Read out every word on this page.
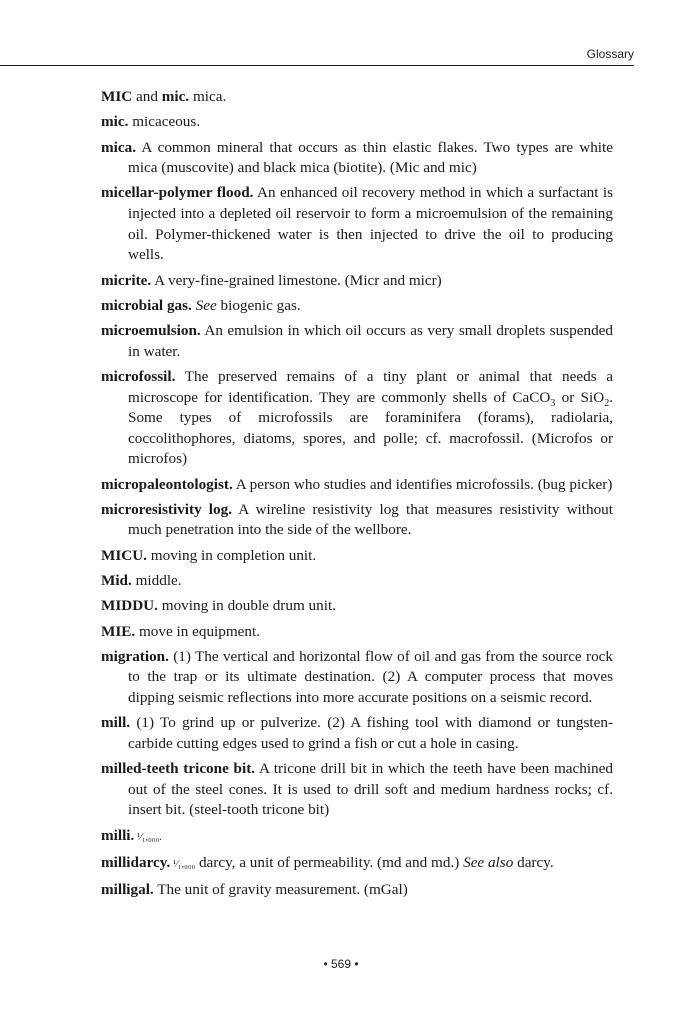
Glossary

MIC and mic. mica.

mic. micaceous.

mica. A common mineral that occurs as thin elastic flakes. Two types are white mica (muscovite) and black mica (biotite). (Mic and mic)

micellar-polymer flood. An enhanced oil recovery method in which a surfactant is injected into a depleted oil reservoir to form a microemulsion of the remaining oil. Polymer-thickened water is then injected to drive the oil to producing wells.

micrite. A very-fine-grained limestone. (Micr and micr)

microbial gas. See biogenic gas.

microemulsion. An emulsion in which oil occurs as very small droplets suspended in water.

microfossil. The preserved remains of a tiny plant or animal that needs a microscope for identification. They are commonly shells of CaCO$_3$ or SiO$_2$. Some types of microfossils are foraminifera (forams), radiolaria, coccolithophores, diatoms, spores, and polle; cf. macrofossil. (Microfos or microfos)

micropaleontologist. A person who studies and identifies microfossils. (bug picker)

microresistivity log. A wireline resistivity log that measures resistivity without much penetration into the side of the wellbore.

MICU. moving in completion unit.

Mid. middle.

MIDDU. moving in double drum unit.

MIE. move in equipment.

migration. (1) The vertical and horizontal flow of oil and gas from the source rock to the trap or its ultimate destination. (2) A computer process that moves dipping seismic reflections into more accurate positions on a seismic record.

mill. (1) To grind up or pulverize. (2) A fishing tool with diamond or tungsten-carbide cutting edges used to grind a fish or cut a hole in casing.

milled-teeth tricone bit. A tricone drill bit in which the teeth have been machined out of the steel cones. It is used to drill soft and medium hardness rocks; cf. insert bit. (steel-tooth tricone bit)

milli. ¹⁄₁,₀₀₀.

millidarcy. ¹⁄₁,₀₀₀ darcy, a unit of permeability. (md and md.) See also darcy.

milligal. The unit of gravity measurement. (mGal)

• 569 •
